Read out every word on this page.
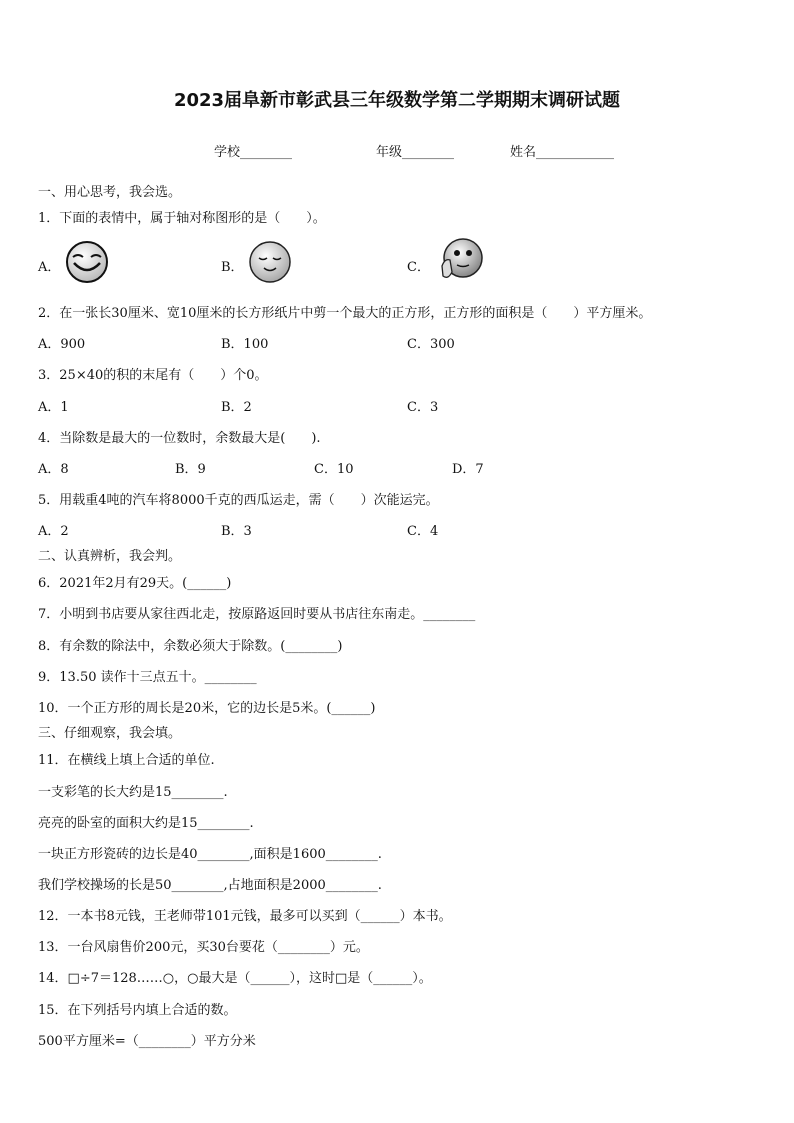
2023届阜新市彰武县三年级数学第二学期期末调研试题
学校________	年级________	姓名____________
一、用心思考，我会选。
1．下面的表情中，属于轴对称图形的是（　　）。
A．	B．	C．
2．在一张长30厘米、宽10厘米的长方形纸片中剪一个最大的正方形，正方形的面积是（　　）平方厘米。
A．900	B．100	C．300
3．25×40的积的末尾有（　　）个0。
A．1	B．2	C．3
4．当除数是最大的一位数时，余数最大是(　　).
A．8	B．9	C．10	D．7
5．用载重4吨的汽车将8000千克的西瓜运走，需（　　）次能运完。
A．2	B．3	C．4
二、认真辨析，我会判。
6．2021年2月有29天。(______)
7．小明到书店要从家往西北走，按原路返回时要从书店往东南走。________
8．有余数的除法中，余数必须大于除数。(________)
9．13.50 读作十三点五十。________
10．一个正方形的周长是20米，它的边长是5米。(______)
三、仔细观察，我会填。
11．在横线上填上合适的单位.
一支彩笔的长大约是15________.
亮亮的卧室的面积大约是15________.
一块正方形瓷砖的边长是40________,面积是1600________.
我们学校操场的长是50________,占地面积是2000________.
12．一本书8元钱，王老师带101元钱，最多可以买到（______）本书。
13．一台风扇售价200元，买30台要花（________）元。
14．□÷7＝128……○，○最大是（______），这时□是（______）。
15．在下列括号内填上合适的数。
500平方厘米=（________）平方分米
